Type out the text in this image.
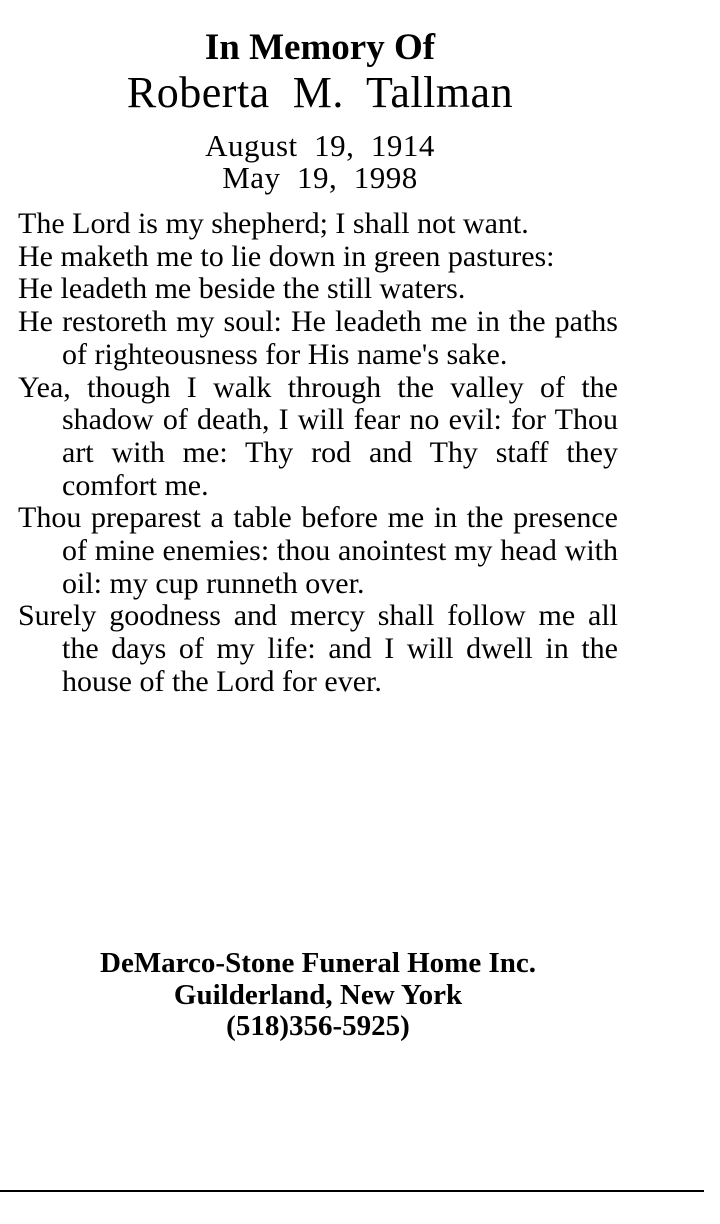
In Memory Of
Roberta  M.  Tallman
August  19,  1914
May  19,  1998
The Lord is my shepherd; I shall not want.
He maketh me to lie down in green pastures:
He leadeth me beside the still waters.
He restoreth my soul: He leadeth me in the paths of righteousness for His name's sake.
Yea, though I walk through the valley of the shadow of death, I will fear no evil: for Thou art with me: Thy rod and Thy staff they comfort me.
Thou preparest a table before me in the presence of mine enemies: thou anointest my head with oil: my cup runneth over.
Surely goodness and mercy shall follow me all the days of my life: and I will dwell in the house of the Lord for ever.
DeMarco-Stone Funeral Home Inc.
Guilderland, New York
(518)356-5925)
